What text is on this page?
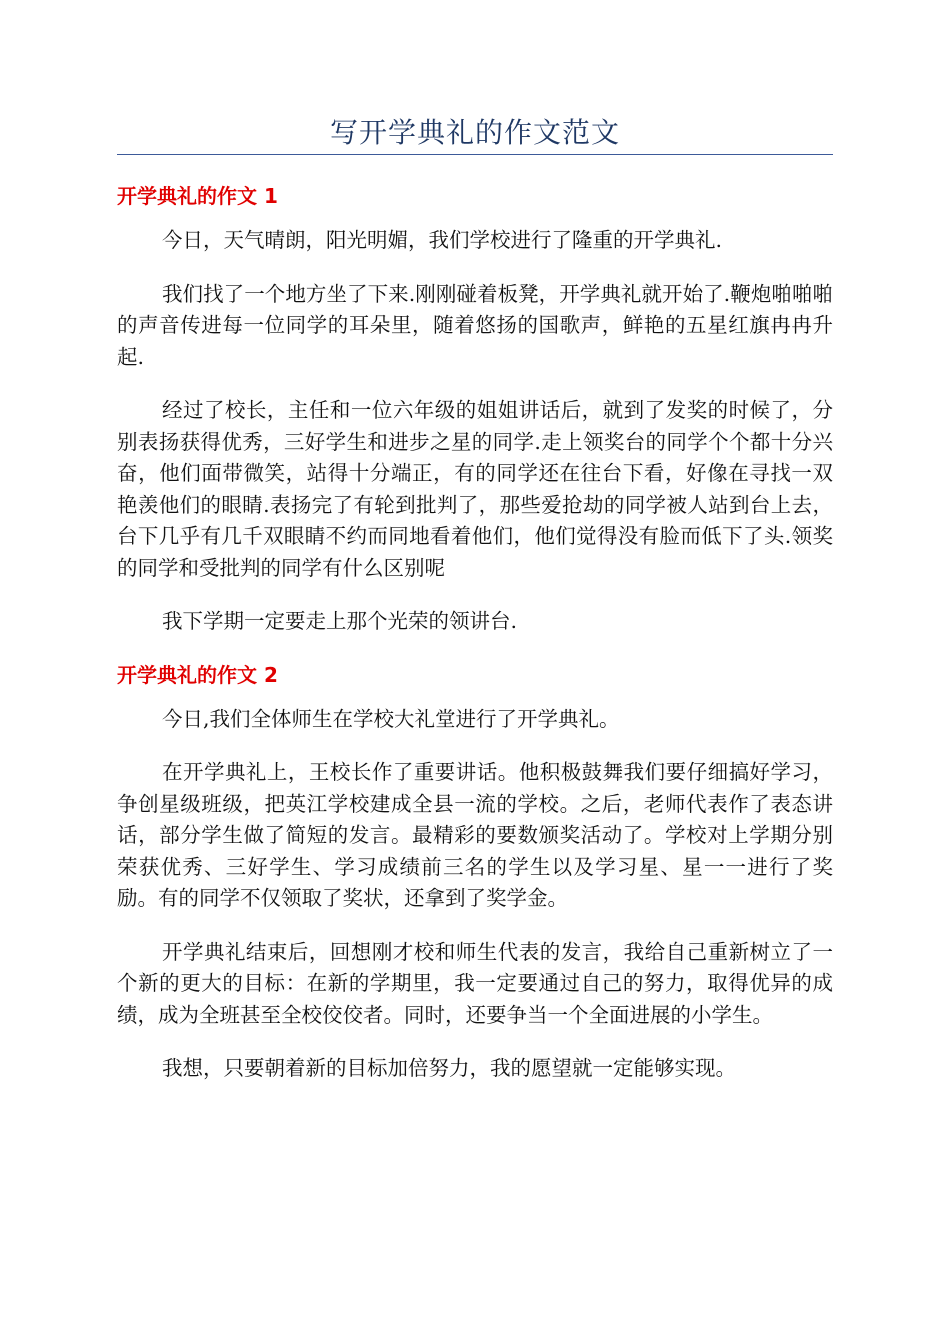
写开学典礼的作文范文
开学典礼的作文 1

今日，天气晴朗，阳光明媚，我们学校进行了隆重的开学典礼.

我们找了一个地方坐了下来.刚刚碰着板凳，开学典礼就开始了.鞭炮啪啪啪的声音传进每一位同学的耳朵里，随着悠扬的国歌声，鲜艳的五星红旗冉冉升起.

经过了校长，主任和一位六年级的姐姐讲话后，就到了发奖的时候了，分别表扬获得优秀，三好学生和进步之星的同学.走上领奖台的同学个个都十分兴奋，他们面带微笑，站得十分端正，有的同学还在往台下看，好像在寻找一双艳羡他们的眼睛.表扬完了有轮到批判了，那些爱抢劫的同学被人站到台上去，台下几乎有几千双眼睛不约而同地看着他们，他们觉得没有脸而低下了头.领奖的同学和受批判的同学有什么区别呢

我下学期一定要走上那个光荣的领讲台.

开学典礼的作文 2

今日,我们全体师生在学校大礼堂进行了开学典礼。

在开学典礼上，王校长作了重要讲话。他积极鼓舞我们要仔细搞好学习，争创星级班级，把英江学校建成全县一流的学校。之后，老师代表作了表态讲话，部分学生做了简短的发言。最精彩的要数颁奖活动了。学校对上学期分别荣获优秀、三好学生、学习成绩前三名的学生以及学习星、星一一进行了奖励。有的同学不仅领取了奖状，还拿到了奖学金。

开学典礼结束后，回想刚才校和师生代表的发言，我给自己重新树立了一个新的更大的目标：在新的学期里，我一定要通过自己的努力，取得优异的成绩，成为全班甚至全校佼佼者。同时，还要争当一个全面进展的小学生。

我想，只要朝着新的目标加倍努力，我的愿望就一定能够实现。
